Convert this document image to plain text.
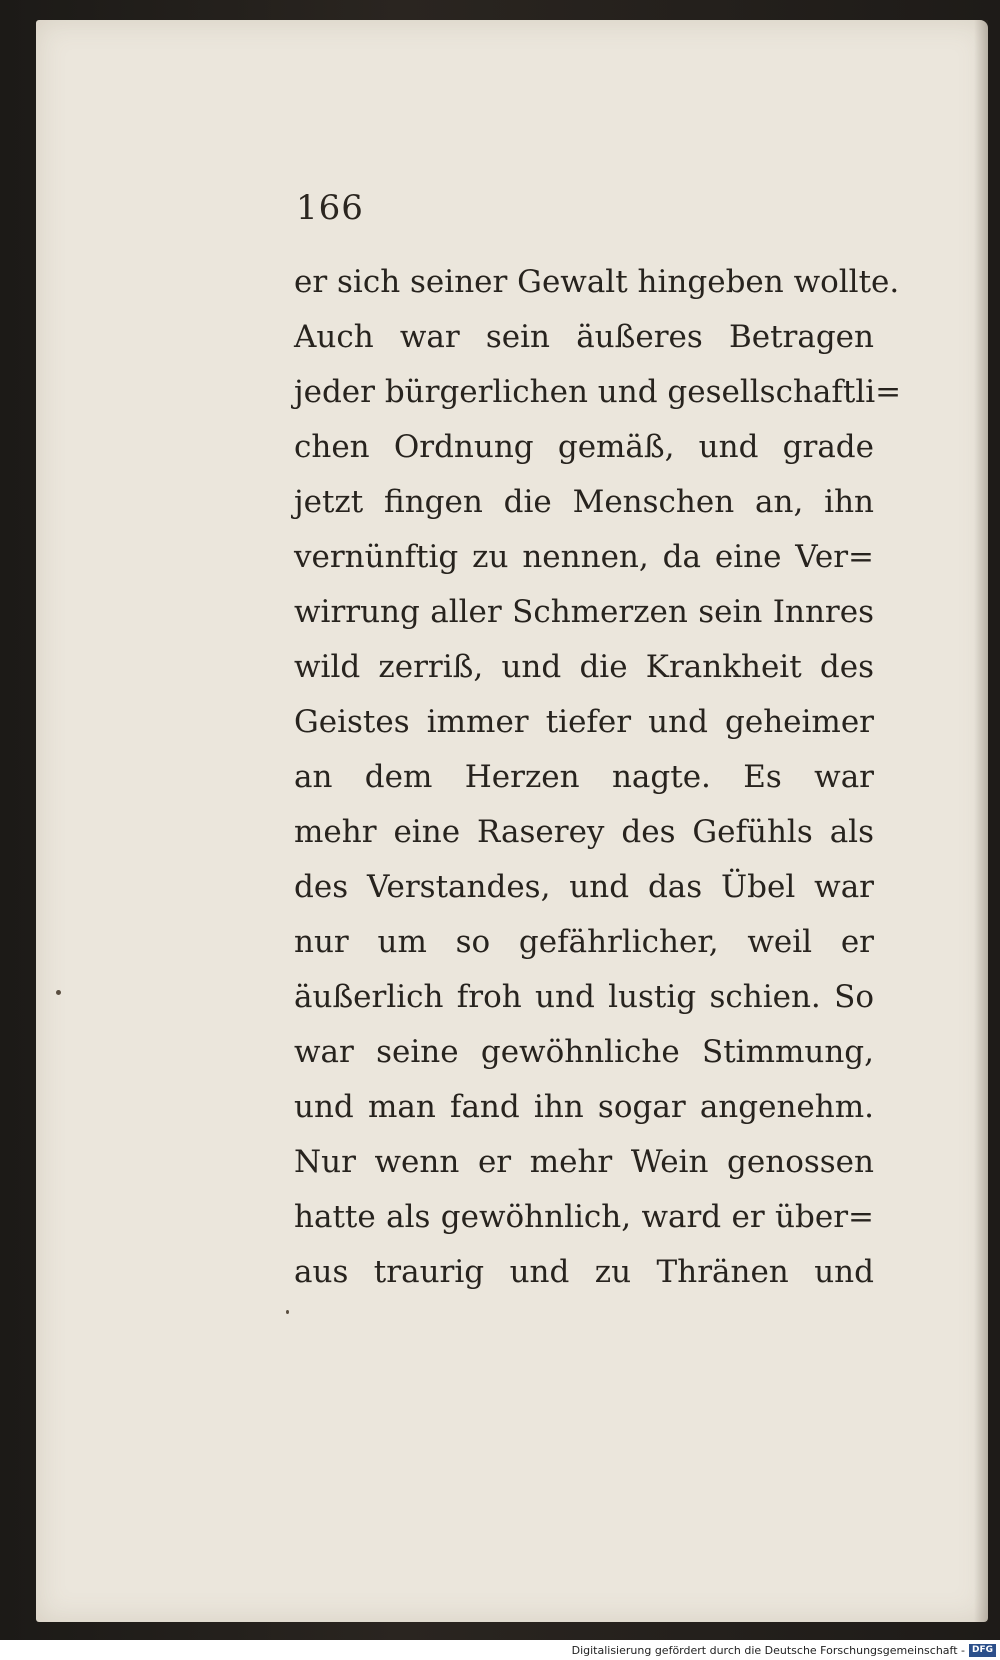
166
er sich seiner Gewalt hingeben wollte.
Auch war sein äußeres Betragen
jeder bürgerlichen und gesellschaftli=
chen Ordnung gemäß, und grade
jetzt fingen die Menschen an, ihn
vernünftig zu nennen, da eine Ver=
wirrung aller Schmerzen sein Innres
wild zerriß, und die Krankheit des
Geistes immer tiefer und geheimer
an dem Herzen nagte. Es war
mehr eine Raserey des Gefühls als
des Verstandes, und das Übel war
nur um so gefährlicher, weil er
äußerlich froh und lustig schien. So
war seine gewöhnliche Stimmung,
und man fand ihn sogar angenehm.
Nur wenn er mehr Wein genossen
hatte als gewöhnlich, ward er über=
aus traurig und zu Thränen und
Digitalisierung gefördert durch die Deutsche Forschungsgemeinschaft - DFG
